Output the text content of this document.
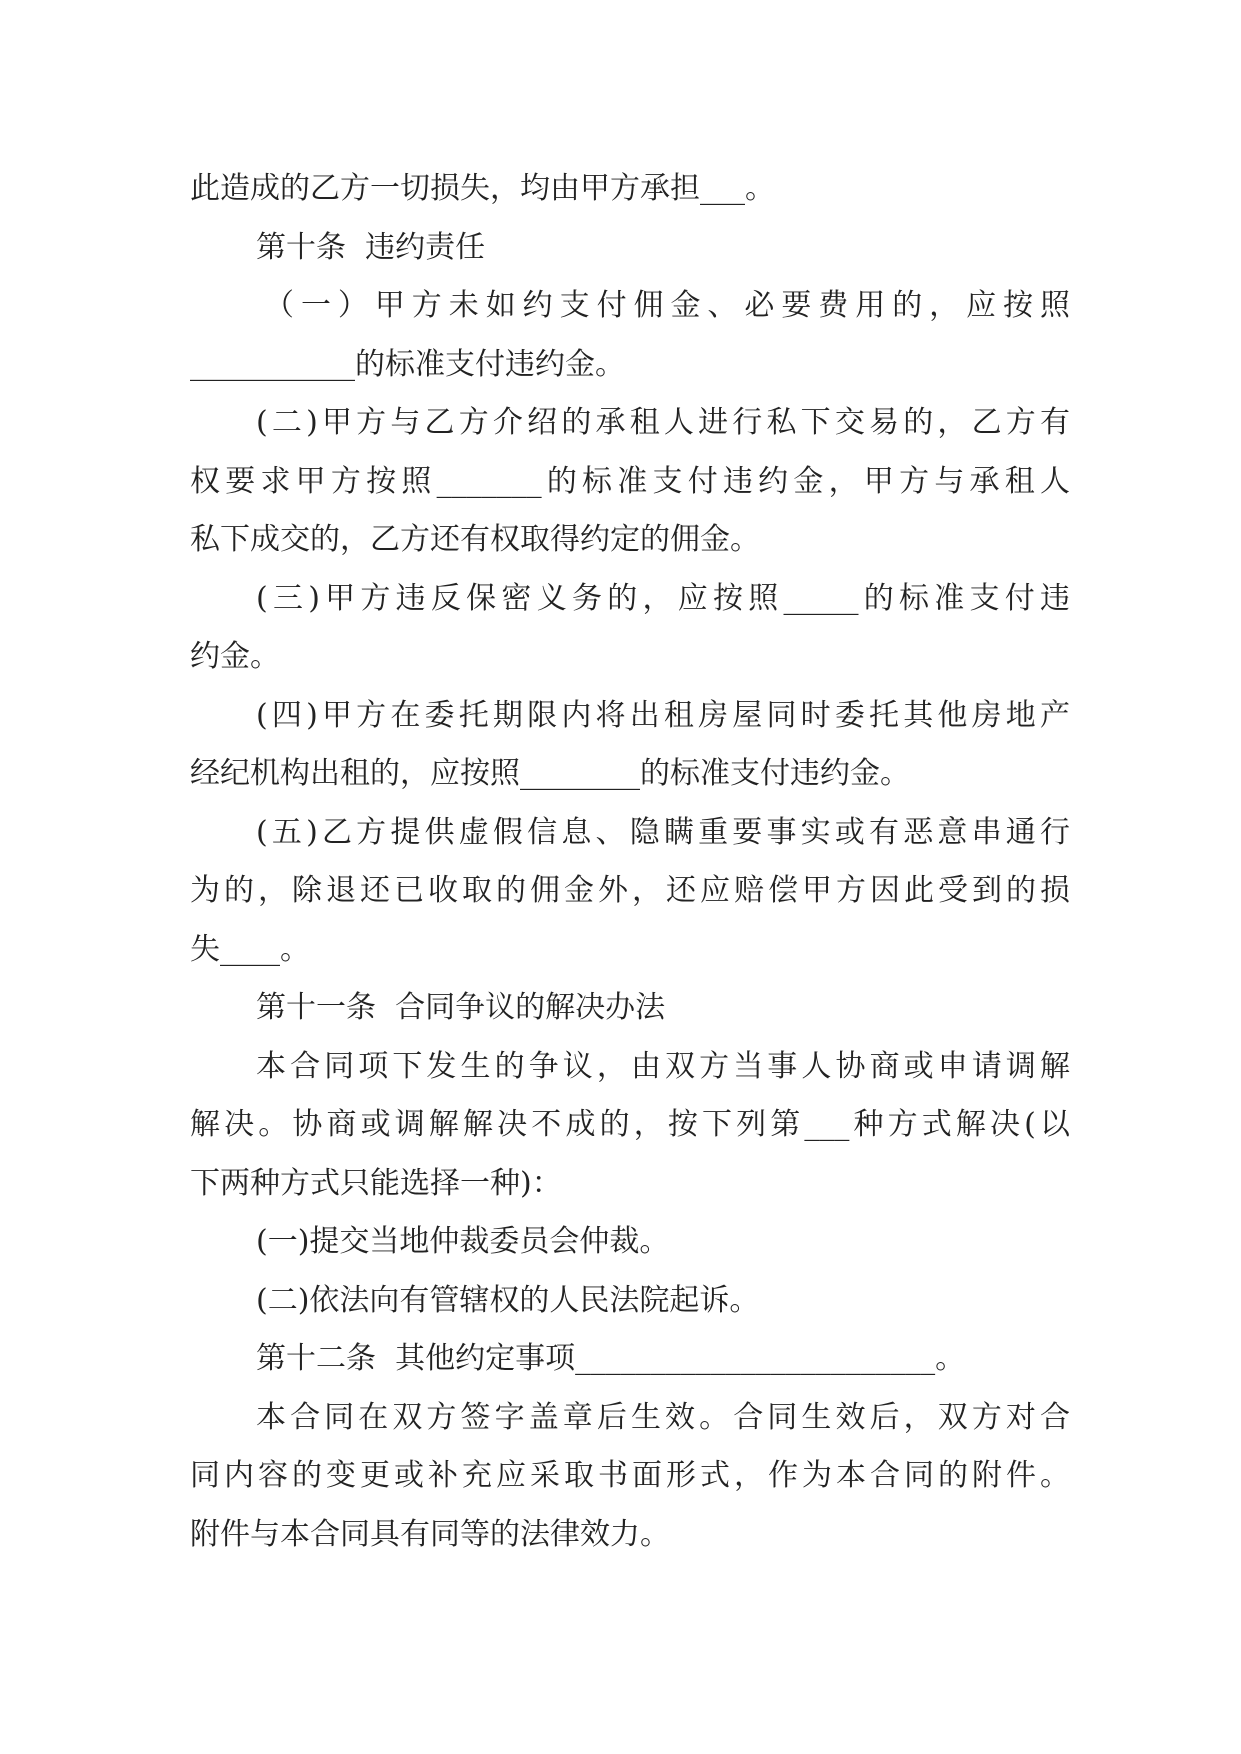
此造成的乙方一切损失，均由甲方承担___。
第十条  违约责任
（一）甲方未如约支付佣金、必要费用的，应按照
___________的标准支付违约金。
(二)甲方与乙方介绍的承租人进行私下交易的，乙方有
权要求甲方按照_______的标准支付违约金，甲方与承租人
私下成交的，乙方还有权取得约定的佣金。
(三)甲方违反保密义务的，应按照_____的标准支付违
约金。
(四)甲方在委托期限内将出租房屋同时委托其他房地产
经纪机构出租的，应按照________的标准支付违约金。
(五)乙方提供虚假信息、隐瞒重要事实或有恶意串通行
为的，除退还已收取的佣金外，还应赔偿甲方因此受到的损
失____。
第十一条  合同争议的解决办法
本合同项下发生的争议，由双方当事人协商或申请调解
解决。协商或调解解决不成的，按下列第___种方式解决(以
下两种方式只能选择一种)：
(一)提交当地仲裁委员会仲裁。
(二)依法向有管辖权的人民法院起诉。
第十二条  其他约定事项________________________。
本合同在双方签字盖章后生效。合同生效后，双方对合
同内容的变更或补充应采取书面形式，作为本合同的附件。
附件与本合同具有同等的法律效力。
